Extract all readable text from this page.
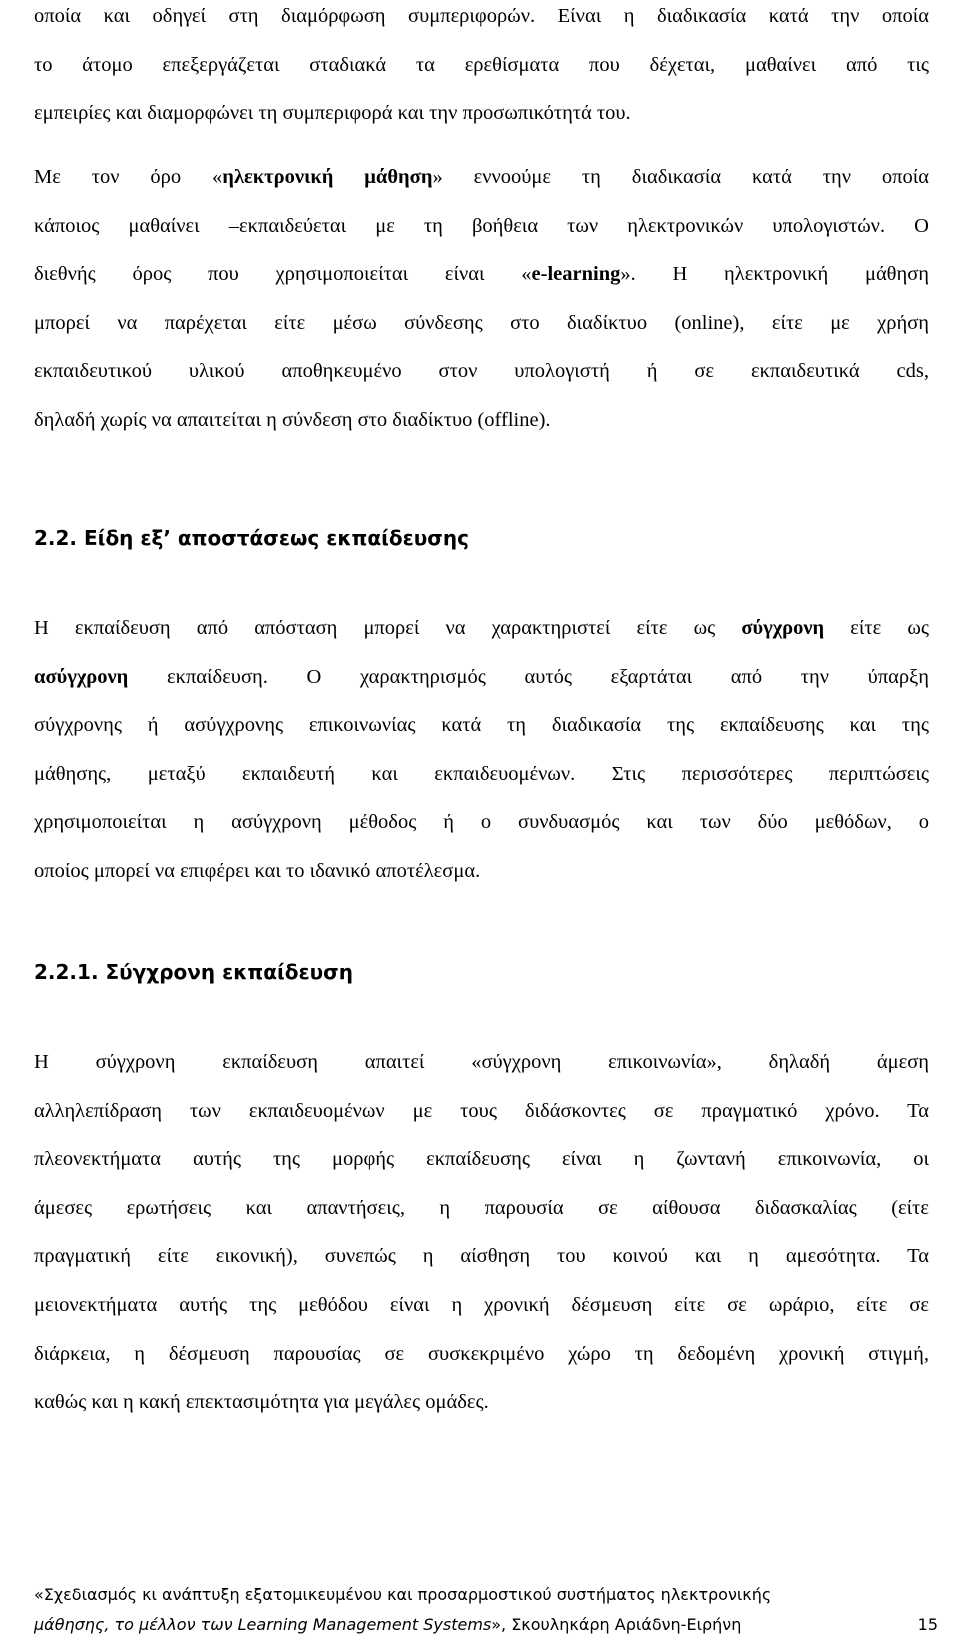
οποία και οδηγεί στη διαμόρφωση συμπεριφορών. Είναι η διαδικασία κατά την οποία
το άτομο επεξεργάζεται σταδιακά τα ερεθίσματα που δέχεται, μαθαίνει από τις
εμπειρίες και διαμορφώνει τη συμπεριφορά και την προσωπικότητά του.
Με τον όρο «ηλεκτρονική μάθηση» εννοούμε τη διαδικασία κατά την οποία
κάποιος μαθαίνει –εκπαιδεύεται με τη βοήθεια των ηλεκτρονικών υπολογιστών. Ο
διεθνής όρος που χρησιμοποιείται είναι «e-learning». Η ηλεκτρονική μάθηση
μπορεί να παρέχεται είτε μέσω σύνδεσης στο διαδίκτυο (online), είτε με χρήση
εκπαιδευτικού υλικού αποθηκευμένο στον υπολογιστή ή σε εκπαιδευτικά cds,
δηλαδή χωρίς να απαιτείται η σύνδεση στο διαδίκτυο (offline).
2.2. Είδη εξ’ αποστάσεως εκπαίδευσης
Η εκπαίδευση από απόσταση μπορεί να χαρακτηριστεί είτε ως σύγχρονη είτε ως
ασύγχρονη εκπαίδευση. Ο χαρακτηρισμός αυτός εξαρτάται από την ύπαρξη
σύγχρονης ή ασύγχρονης επικοινωνίας κατά τη διαδικασία της εκπαίδευσης και της
μάθησης, μεταξύ εκπαιδευτή και εκπαιδευομένων. Στις περισσότερες περιπτώσεις
χρησιμοποιείται η ασύγχρονη μέθοδος ή ο συνδυασμός και των δύο μεθόδων, ο
οποίος μπορεί να επιφέρει και το ιδανικό αποτέλεσμα.
2.2.1. Σύγχρονη εκπαίδευση
Η σύγχρονη εκπαίδευση απαιτεί «σύγχρονη επικοινωνία», δηλαδή άμεση
αλληλεπίδραση των εκπαιδευομένων με τους διδάσκοντες σε πραγματικό χρόνο. Τα
πλεονεκτήματα αυτής της μορφής εκπαίδευσης είναι η ζωντανή επικοινωνία, οι
άμεσες ερωτήσεις και απαντήσεις, η παρουσία σε αίθουσα διδασκαλίας (είτε
πραγματική είτε εικονική), συνεπώς η αίσθηση του κοινού και η αμεσότητα. Τα
μειονεκτήματα αυτής της μεθόδου είναι η χρονική δέσμευση είτε σε ωράριο, είτε σε
διάρκεια, η δέσμευση παρουσίας σε συσκεκριμένο χώρο τη δεδομένη χρονική στιγμή,
καθώς και η κακή επεκτασιμότητα για μεγάλες ομάδες.
«Σχεδιασμός κι ανάπτυξη εξατομικευμένου και προσαρμοστικού συστήματος ηλεκτρονικής
μάθησης, το μέλλον των Learning Management Systems», Σκουληκάρη Αριάδνη-Ειρήνη	15
